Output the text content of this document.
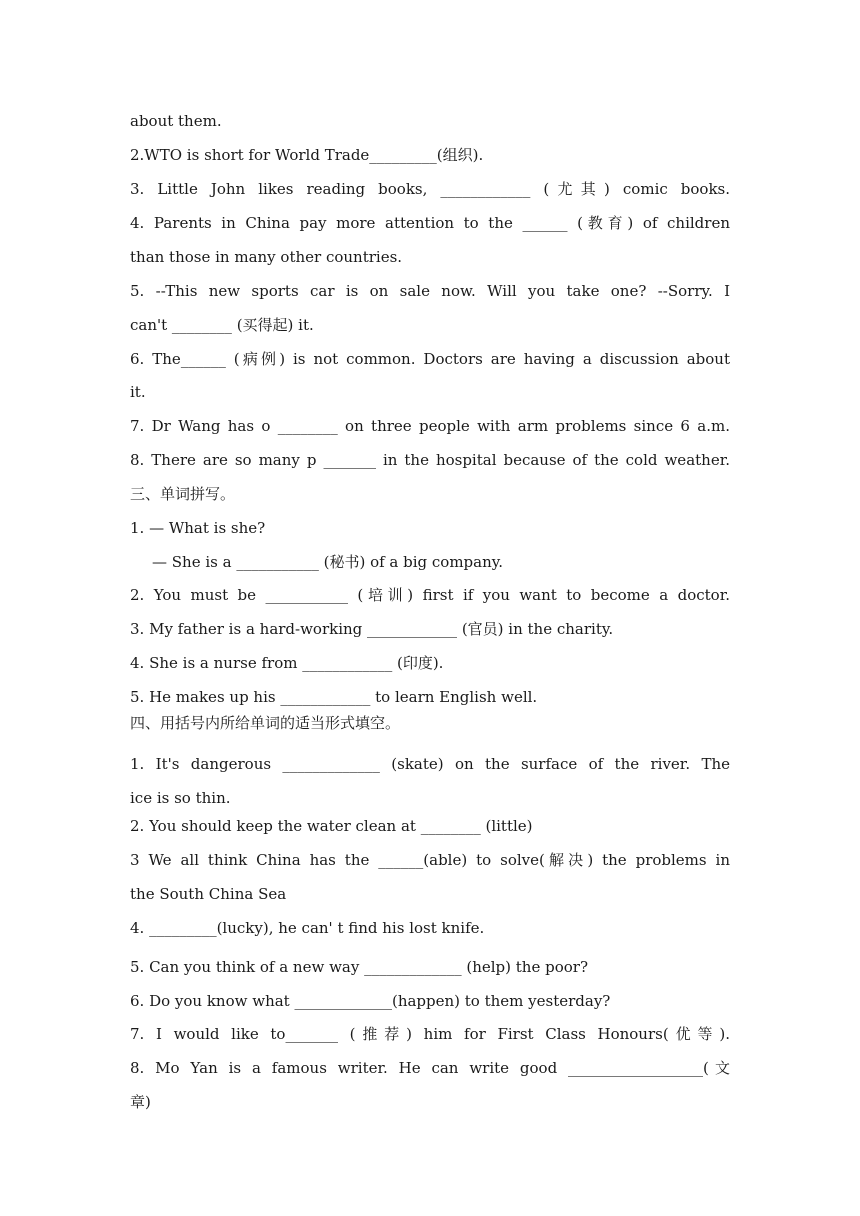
about them.
2.WTO is short for World Trade_________(组织).
3. Little John likes reading books, ____________ (尤其) comic books.
4. Parents in China pay more attention to the ______ (教育) of children
than those in many other countries.
5. --This new sports car is on sale now. Will you take one? --Sorry. I
can't ________ (买得起) it.
6. The______ (病例) is not common. Doctors are having a discussion about
it.
7. Dr Wang has o ________ on three people with arm problems since 6 a.m.
8. There are so many p _______ in the hospital because of the cold weather.
三、单词拼写。
1. — What is she?
— She is a ___________ (秘书) of a big company.
2. You must be ___________ (培训) first if you want to become a doctor.
3. My father is a hard-working ____________ (官员) in the charity.
4. She is a nurse from ____________ (印度).
5. He makes up his ____________ to learn English well.
四、用括号内所给单词的适当形式填空。
1. It's dangerous _____________ (skate) on the surface of the river. The
ice is so thin.
2. You should keep the water clean at ________ (little)
3 We all think China has the ______(able) to solve(解决) the problems in
the South China Sea
4. _________(lucky), he can' t find his lost knife.
5. Can you think of a new way _____________ (help) the poor?
6. Do you know what _____________(happen) to them yesterday?
7. I would like to_______ (推荐) him for First Class Honours(优等).
8. Mo Yan is a famous writer. He can write good __________________(文
章)
